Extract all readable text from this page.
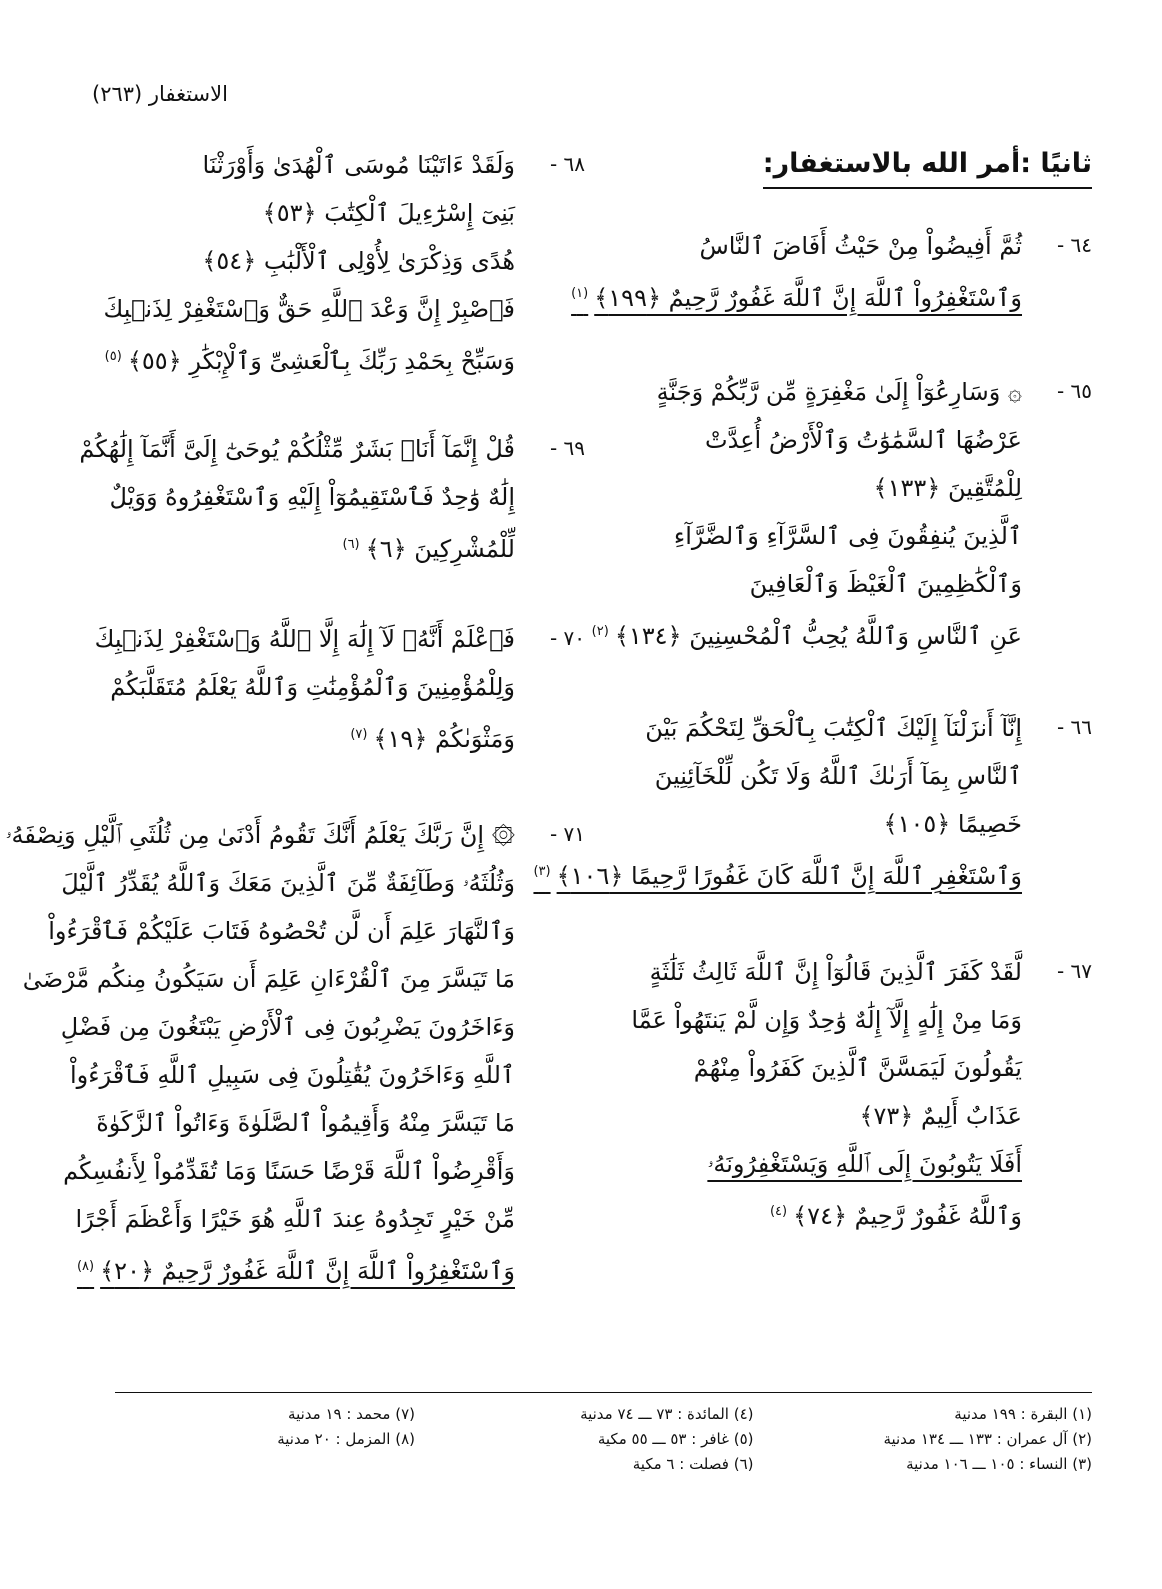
الاستغفار (٢٦٣)
ثانيًا :أمر الله بالاستغفار:
٦٤ -
ثُمَّ أَفِيضُواْ مِنْ حَيْثُ أَفَاضَ ٱلنَّاسُ
وَٱسْتَغْفِرُواْ ٱللَّهَ إِنَّ ٱللَّهَ غَفُورٌ رَّحِيمٌ ﴿١٩٩﴾$^{(١)}$
٦٥ -
۞ وَسَارِعُوٓاْ إِلَىٰ مَغْفِرَةٍ مِّن رَّبِّكُمْ وَجَنَّةٍ
عَرْضُهَا ٱلسَّمَٰوَٰتُ وَٱلْأَرْضُ أُعِدَّتْ
لِلْمُتَّقِينَ ﴿١٣٣﴾
ٱلَّذِينَ يُنفِقُونَ فِى ٱلسَّرَّآءِ وَٱلضَّرَّآءِ
وَٱلْكَٰظِمِينَ ٱلْغَيْظَ وَٱلْعَافِينَ
عَنِ ٱلنَّاسِ وَٱللَّهُ يُحِبُّ ٱلْمُحْسِنِينَ ﴿١٣٤﴾$^{(٢)}$
٦٦ -
إِنَّآ أَنزَلْنَآ إِلَيْكَ ٱلْكِتَٰبَ بِٱلْحَقِّ لِتَحْكُمَ بَيْنَ
ٱلنَّاسِ بِمَآ أَرَىٰكَ ٱللَّهُ وَلَا تَكُن لِّلْخَآئِنِينَ
خَصِيمًا ﴿١٠٥﴾
وَٱسْتَغْفِرِ ٱللَّهَ إِنَّ ٱللَّهَ كَانَ غَفُورًا رَّحِيمًا ﴿١٠٦﴾$^{(٣)}$
٦٧ -
لَّقَدْ كَفَرَ ٱلَّذِينَ قَالُوٓاْ إِنَّ ٱللَّهَ ثَالِثُ ثَلَٰثَةٍ
وَمَا مِنْ إِلَٰهٍ إِلَّآ إِلَٰهٌ وَٰحِدٌ وَإِن لَّمْ يَنتَهُواْ عَمَّا
يَقُولُونَ لَيَمَسَّنَّ ٱلَّذِينَ كَفَرُواْ مِنْهُمْ
عَذَابٌ أَلِيمٌ ﴿٧٣﴾
أَفَلَا يَتُوبُونَ إِلَى ٱللَّهِ وَيَسْتَغْفِرُونَهُۥ
وَٱللَّهُ غَفُورٌ رَّحِيمٌ ﴿٧٤﴾$^{(٤)}$
٦٨ -
وَلَقَدْ ءَاتَيْنَا مُوسَى ٱلْهُدَىٰ وَأَوْرَثْنَا
بَنِىٓ إِسْرَٰٓءِيلَ ٱلْكِتَٰبَ ﴿٥٣﴾
هُدًى وَذِكْرَىٰ لِأُوْلِى ٱلْأَلْبَٰبِ ﴿٥٤﴾
فَٱصْبِرْ إِنَّ وَعْدَ ٱللَّهِ حَقٌّ وَٱسْتَغْفِرْ لِذَنۢبِكَ
وَسَبِّحْ بِحَمْدِ رَبِّكَ بِٱلْعَشِىِّ وَٱلْإِبْكَٰرِ ﴿٥٥﴾$^{(٥)}$
٦٩ -
قُلْ إِنَّمَآ أَنَا۠ بَشَرٌ مِّثْلُكُمْ يُوحَىٰٓ إِلَىَّ أَنَّمَآ إِلَٰهُكُمْ
إِلَٰهٌ وَٰحِدٌ فَٱسْتَقِيمُوٓاْ إِلَيْهِ وَٱسْتَغْفِرُوهُ وَوَيْلٌ
لِّلْمُشْرِكِينَ ﴿٦﴾$^{(٦)}$
٧٠ -
فَٱعْلَمْ أَنَّهُۥ لَآ إِلَٰهَ إِلَّا ٱللَّهُ وَٱسْتَغْفِرْ لِذَنۢبِكَ
وَلِلْمُؤْمِنِينَ وَٱلْمُؤْمِنَٰتِ وَٱللَّهُ يَعْلَمُ مُتَقَلَّبَكُمْ
وَمَثْوَىٰكُمْ ﴿١٩﴾$^{(٧)}$
٧١ -
۞ إِنَّ رَبَّكَ يَعْلَمُ أَنَّكَ تَقُومُ أَدْنَىٰ مِن ثُلُثَىِ ٱلَّيْلِ وَنِصْفَهُۥ
وَثُلُثَهُۥ وَطَآئِفَةٌ مِّنَ ٱلَّذِينَ مَعَكَ وَٱللَّهُ يُقَدِّرُ ٱلَّيْلَ
وَٱلنَّهَارَ عَلِمَ أَن لَّن تُحْصُوهُ فَتَابَ عَلَيْكُمْ فَٱقْرَءُواْ
مَا تَيَسَّرَ مِنَ ٱلْقُرْءَانِ عَلِمَ أَن سَيَكُونُ مِنكُم مَّرْضَىٰ
وَءَاخَرُونَ يَضْرِبُونَ فِى ٱلْأَرْضِ يَبْتَغُونَ مِن فَضْلِ
ٱللَّهِ وَءَاخَرُونَ يُقَٰتِلُونَ فِى سَبِيلِ ٱللَّهِ فَٱقْرَءُواْ
مَا تَيَسَّرَ مِنْهُ وَأَقِيمُواْ ٱلصَّلَوٰةَ وَءَاتُواْ ٱلزَّكَوٰةَ
وَأَقْرِضُواْ ٱللَّهَ قَرْضًا حَسَنًا وَمَا تُقَدِّمُواْ لِأَنفُسِكُم
مِّنْ خَيْرٍ تَجِدُوهُ عِندَ ٱللَّهِ هُوَ خَيْرًا وَأَعْظَمَ أَجْرًا
وَٱسْتَغْفِرُواْ ٱللَّهَ إِنَّ ٱللَّهَ غَفُورٌ رَّحِيمٌ ﴿٢٠﴾$^{(٨)}$
(١) البقرة : ١٩٩ مدنية
(٢) آل عمران : ١٣٣ ـــ ١٣٤ مدنية
(٣) النساء : ١٠٥ ـــ ١٠٦ مدنية
(٤) المائدة : ٧٣ ـــ ٧٤ مدنية
(٥) غافر : ٥٣ ـــ ٥٥ مكية
(٦) فصلت : ٦ مكية
(٧) محمد : ١٩ مدنية
(٨) المزمل : ٢٠ مدنية
